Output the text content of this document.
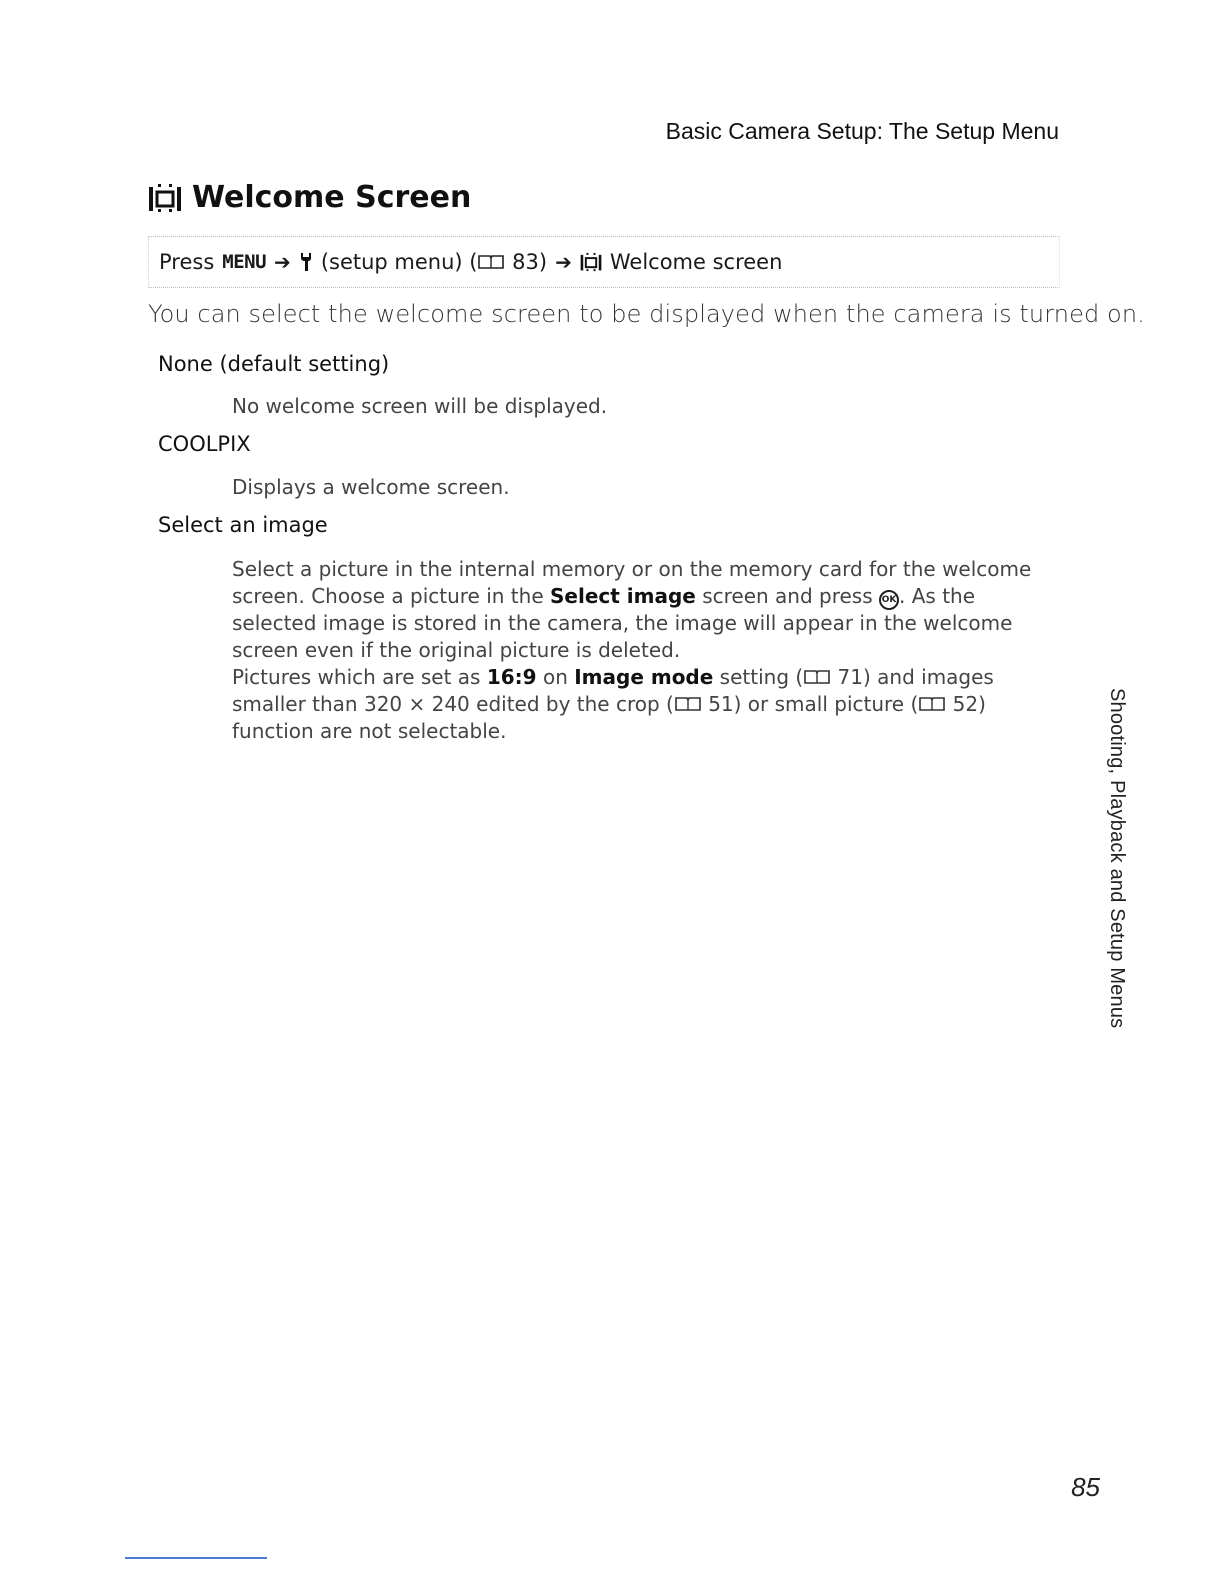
Basic Camera Setup: The Setup Menu
Welcome Screen
Press MENU ➔ (setup menu) ( 83) ➔ Welcome screen
You can select the welcome screen to be displayed when the camera is turned on.
None (default setting)
No welcome screen will be displayed.
COOLPIX
Displays a welcome screen.
Select an image
Select a picture in the internal memory or on the memory card for the welcome screen. Choose a picture in the Select image screen and press OK . As the selected image is stored in the camera, the image will appear in the welcome screen even if the original picture is deleted.
Pictures which are set as 16:9 on Image mode setting ( 71) and images smaller than 320 × 240 edited by the crop ( 51) or small picture ( 52) function are not selectable.	Shooting, Playback and Setup Menus
85
